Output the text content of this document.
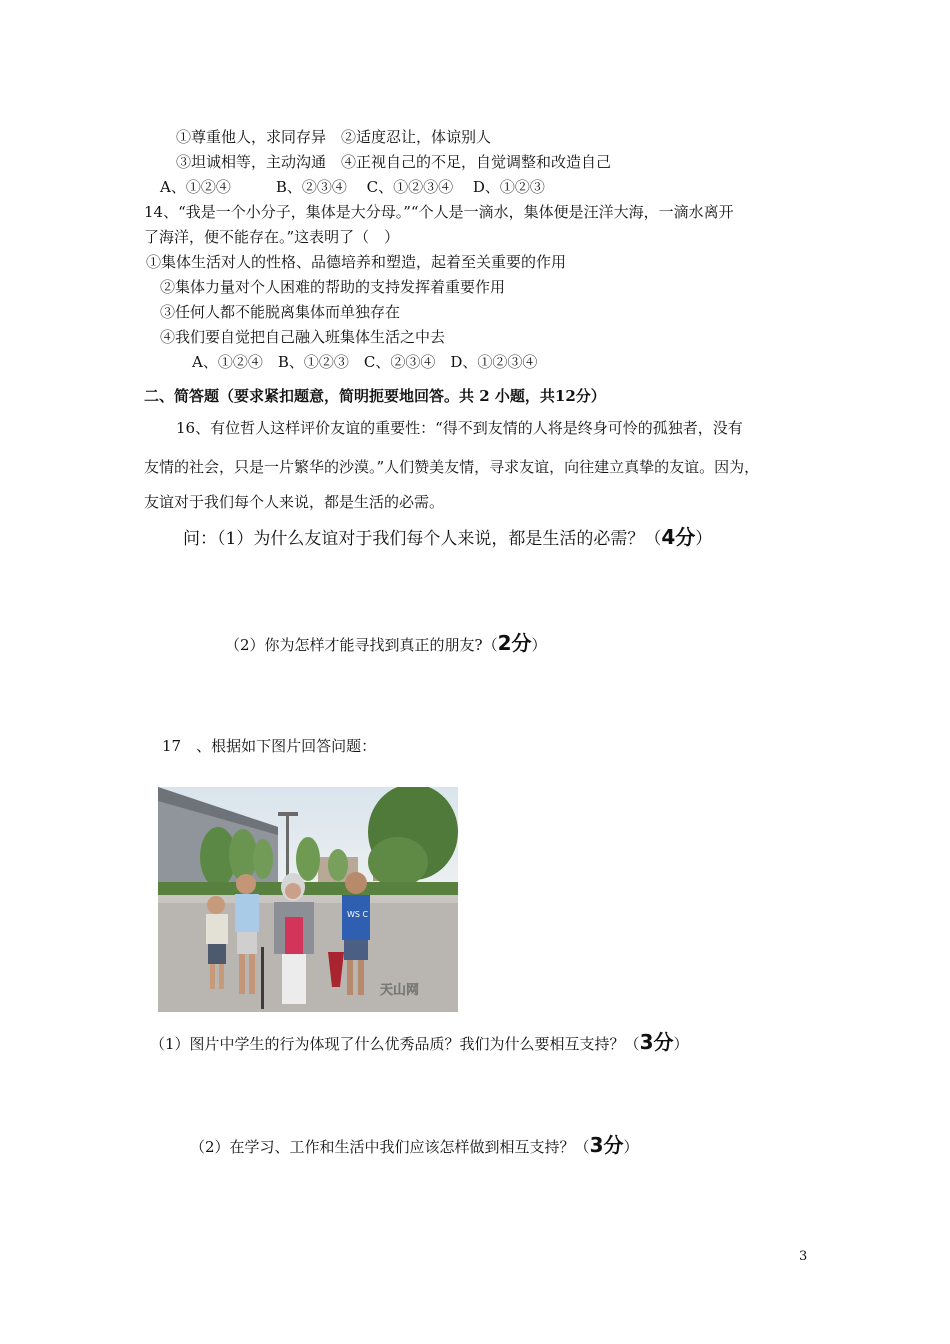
①尊重他人，求同存异　②适度忍让，体谅别人
③坦诚相等，主动沟通　④正视自己的不足，自觉调整和改造自己
A、①②④　　　B、②③④　 C、①②③④　 D、①②③
14、“我是一个小分子，集体是大分母。”“个人是一滴水，集体便是汪洋大海，一滴水离开
了海洋，便不能存在。”这表明了（　）
①集体生活对人的性格、品德培养和塑造，起着至关重要的作用
②集体力量对个人困难的帮助的支持发挥着重要作用
③任何人都不能脱离集体而单独存在
④我们要自觉把自己融入班集体生活之中去
A、①②④　B、①②③　C、②③④　D、①②③④
二、简答题（要求紧扣题意，简明扼要地回答。共 2 小题，共12分）
16、有位哲人这样评价友谊的重要性：“得不到友情的人将是终身可怜的孤独者，没有
友情的社会，只是一片繁华的沙漠。”人们赞美友情，寻求友谊，向往建立真挚的友谊。因为，
友谊对于我们每个人来说，都是生活的必需。
问：（1）为什么友谊对于我们每个人来说，都是生活的必需？（4分）
（2）你为怎样才能寻找到真正的朋友?（2分）
17　、根据如下图片回答问题：
WS C
天山网
（1）图片中学生的行为体现了什么优秀品质？我们为什么要相互支持？（3分）
（2）在学习、工作和生活中我们应该怎样做到相互支持？（3分）
3
